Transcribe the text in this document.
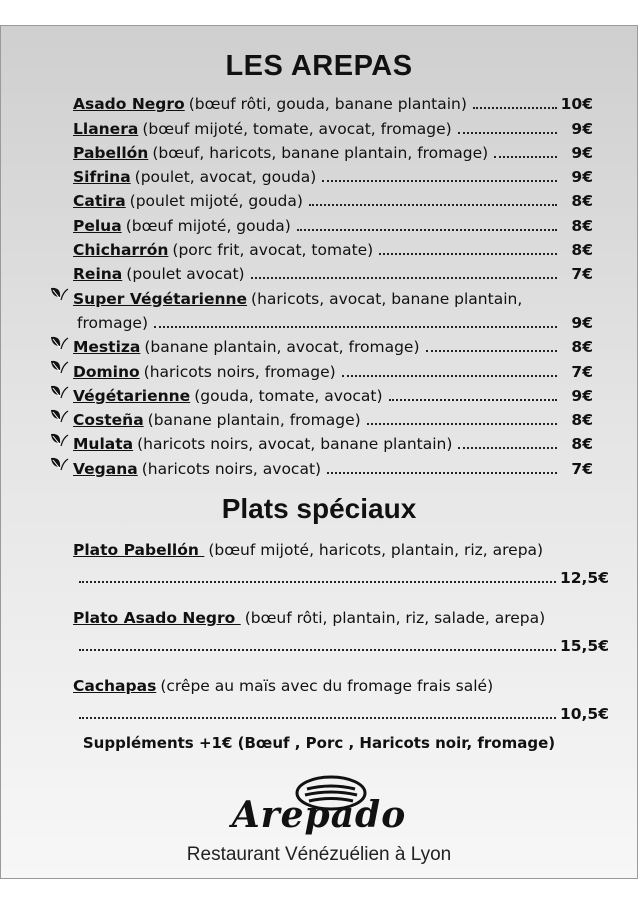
LES AREPAS
Asado Negro (bœuf rôti, gouda, banane plantain)	10€
Llanera (bœuf mijoté, tomate, avocat, fromage)	9€
Pabellón (bœuf, haricots, banane plantain, fromage)	9€
Sifrina (poulet, avocat, gouda)	9€
Catira (poulet mijoté, gouda)	8€
Pelua (bœuf mijoté, gouda)	8€
Chicharrón (porc frit, avocat, tomate)	8€
Reina (poulet avocat)	7€
Super Végétarienne (haricots, avocat, banane plantain,
fromage)	9€
Mestiza (banane plantain, avocat, fromage)	8€
Domino (haricots noirs, fromage)	7€
Végétarienne (gouda, tomate, avocat)	9€
Costeña (banane plantain, fromage)	8€
Mulata (haricots noirs, avocat, banane plantain)	8€
Vegana (haricots noirs, avocat)	7€
Plats spéciaux
Plato Pabellón (bœuf mijoté, haricots, plantain, riz, arepa)
12,5€
Plato Asado Negro (bœuf rôti, plantain, riz, salade, arepa)
15,5€
Cachapas (crêpe au maïs avec du fromage frais salé)
10,5€
Suppléments +1€ (Bœuf , Porc , Haricots noir, fromage)
Arepado
Restaurant Vénézuélien à Lyon
